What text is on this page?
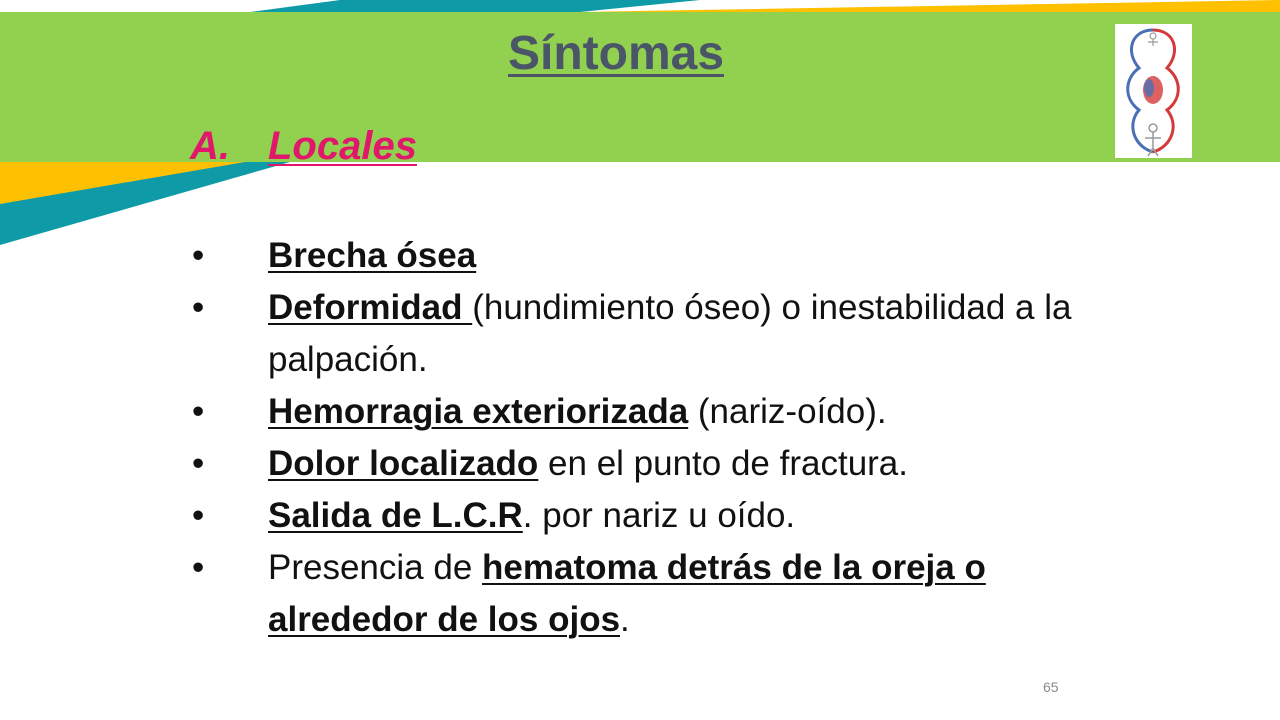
Síntomas
A. Locales
• Brecha ósea
• Deformidad (hundimiento óseo) o inestabilidad a la palpación.
• Hemorragia exteriorizada (nariz-oído).
• Dolor localizado en el punto de fractura.
• Salida de L.C.R. por nariz u oído.
• Presencia de hematoma detrás de la oreja o alrededor de los ojos.
65
